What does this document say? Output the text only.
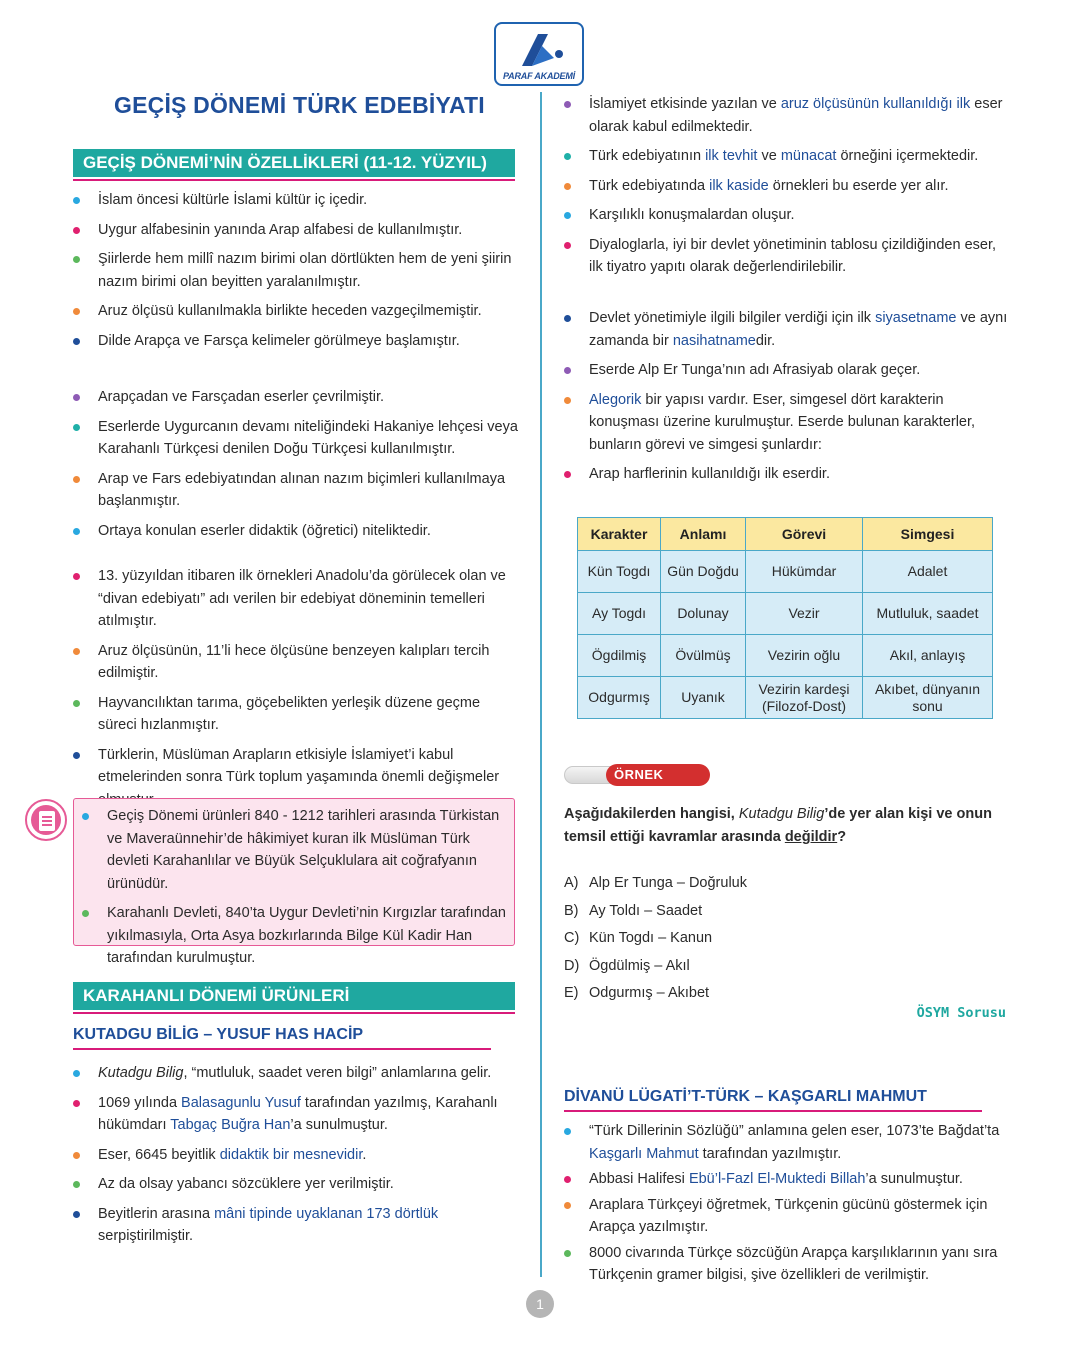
PARAF AKADEMİ
GEÇİŞ DÖNEMİ TÜRK EDEBİYATI
GEÇİŞ DÖNEMİ’NİN ÖZELLİKLERİ (11-12. YÜZYIL)
İslam öncesi kültürle İslami kültür iç içedir.
Uygur alfabesinin yanında Arap alfabesi de kullanılmıştır.
Şiirlerde hem millî nazım birimi olan dörtlükten hem de yeni şiirin nazım birimi olan beyitten yaralanılmıştır.
Aruz ölçüsü kullanılmakla birlikte heceden vazgeçilmemiştir.
Dilde Arapça ve Farsça kelimeler görülmeye başlamıştır.
Arapçadan ve Farsçadan eserler çevrilmiştir.
Eserlerde Uygurcanın devamı niteliğindeki Hakaniye lehçesi veya Karahanlı Türkçesi denilen Doğu Türkçesi kullanılmıştır.
Arap ve Fars edebiyatından alınan nazım biçimleri kullanılmaya başlanmıştır.
Ortaya konulan eserler didaktik (öğretici) niteliktedir.
13. yüzyıldan itibaren ilk örnekleri Anadolu’da görülecek olan ve “divan edebiyatı” adı verilen bir edebiyat döneminin temelleri atılmıştır.
Aruz ölçüsünün, 11’li hece ölçüsüne benzeyen kalıpları tercih edilmiştir.
Hayvancılıktan tarıma, göçebelikten yerleşik düzene geçme süreci hızlanmıştır.
Türklerin, Müslüman Arapların etkisiyle İslamiyet’i kabul etmelerinden sonra Türk toplum yaşamında önemli değişmeler
Geçiş Dönemi ürünleri 840 - 1212 tarihleri arasında Türkistan ve Maveraünnehir’de hâkimiyet kuran ilk Müslüman Türk devleti Karahanlılar ve Büyük Selçuklulara ait coğrafyanın ürünüdür.
Karahanlı Devleti, 840’ta Uygur Devleti’nin Kırgızlar tarafından yıkılmasıyla, Orta Asya bozkırlarında Bilge Kül Kadir Han tarafından kurulmuştur.
KARAHANLI DÖNEMİ ÜRÜNLERİ
KUTADGU BİLİG – YUSUF HAS HACİP
Kutadgu Bilig, “mutluluk, saadet veren bilgi” anlamlarına gelir.
1069 yılında Balasagunlu Yusuf tarafından yazılmış, Karahanlı hükümdarı Tabgaç Buğra Han’a sunulmuştur.
Eser, 6645 beyitlik didaktik bir mesnevidir.
Az da olsay yabancı sözcüklere yer verilmiştir.
Beyitlerin arasına mâni tipinde uyaklanan 173 dörtlük serpiştirilmiştir.
İslamiyet etkisinde yazılan ve aruz ölçüsünün kullanıldığı ilk eser olarak kabul edilmektedir.
Türk edebiyatının ilk tevhit ve münacat örneğini içermektedir.
Türk edebiyatında ilk kaside örnekleri bu eserde yer alır.
Karşılıklı konuşmalardan oluşur.
Diyaloglarla, iyi bir devlet yönetiminin tablosu çizildiğinden eser, ilk tiyatro yapıtı olarak değerlendirilebilir.
Devlet yönetimiyle ilgili bilgiler verdiği için ilk siyasetname ve aynı zamanda bir nasihatnamedir.
Eserde Alp Er Tunga’nın adı Afrasiyab olarak geçer.
Alegorik bir yapısı vardır. Eser, simgesel dört karakterin konuşması üzerine kurulmuştur. Eserde bulunan karakterler, bunların görevi ve simgesi şunlardır:
Arap harflerinin kullanıldığı ilk eserdir.
Karakter	Anlamı	Görevi	Simgesi
Kün Togdı	Gün Doğdu	Hükümdar	Adalet
Ay Togdı	Dolunay	Vezir	Mutluluk, saadet
Ögdilmiş	Övülmüş	Vezirin oğlu	Akıl, anlayış
Odgurmış	Uyanık	Vezirin kardeşi (Filozof-Dost)	Akıbet, dünyanın sonu
ÖRNEK
Aşağıdakilerden hangisi, Kutadgu Bilig’de yer alan kişi ve onun temsil ettiği kavramlar arasında değildir?
A) Alp Er Tunga – Doğruluk
B) Ay Toldı – Saadet
C) Kün Togdı – Kanun
D) Ögdülmiş – Akıl
E) Odgurmış – Akıbet
ÖSYM Sorusu
DİVANÜ LÜGATİ’T-TÜRK – KAŞGARLI MAHMUT
“Türk Dillerinin Sözlüğü” anlamına gelen eser, 1073’te Bağdat’ta Kaşgarlı Mahmut tarafından yazılmıştır.
Abbasi Halifesi Ebü’l-Fazl El-Muktedi Billah’a sunulmuştur.
Araplara Türkçeyi öğretmek, Türkçenin gücünü göstermek için Arapça yazılmıştır.
8000 civarında Türkçe sözcüğün Arapça karşılıklarının yanı sıra Türkçenin gramer bilgisi, şive özellikleri de verilmiştir.
1
